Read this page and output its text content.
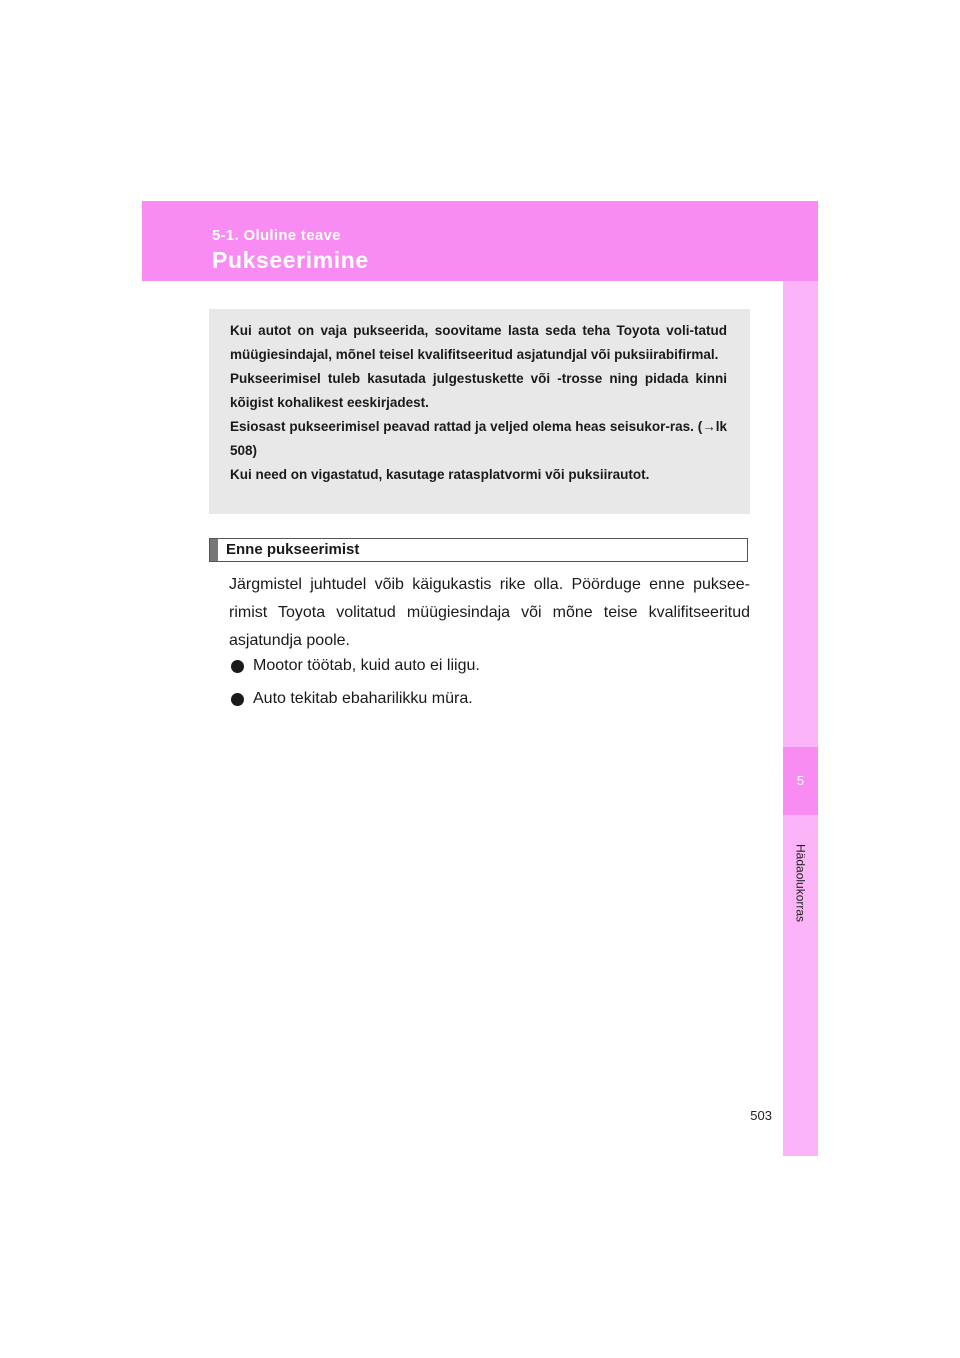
5-1. Oluline teave
Pukseerimine
5
Hädaolukorras

Kui autot on vaja pukseerida, soovitame lasta seda teha Toyota voli-tatud müügiesindajal, mõnel teisel kvalifitseeritud asjatundjal või puksiirabifirmal.

Pukseerimisel tuleb kasutada julgestuskette või -trosse ning pidada kinni kõigist kohalikest eeskirjadest.

Esiosast pukseerimisel peavad rattad ja veljed olema heas seisukor-ras. (→lk 508)

Kui need on vigastatud, kasutage ratasplatvormi või puksiirautot.

Enne pukseerimist

Järgmistel juhtudel võib käigukastis rike olla. Pöörduge enne puksee-rimist Toyota volitatud müügiesindaja või mõne teise kvalifitseeritud asjatundja poole.

Mootor töötab, kuid auto ei liigu.
Auto tekitab ebaharilikku müra.
503
